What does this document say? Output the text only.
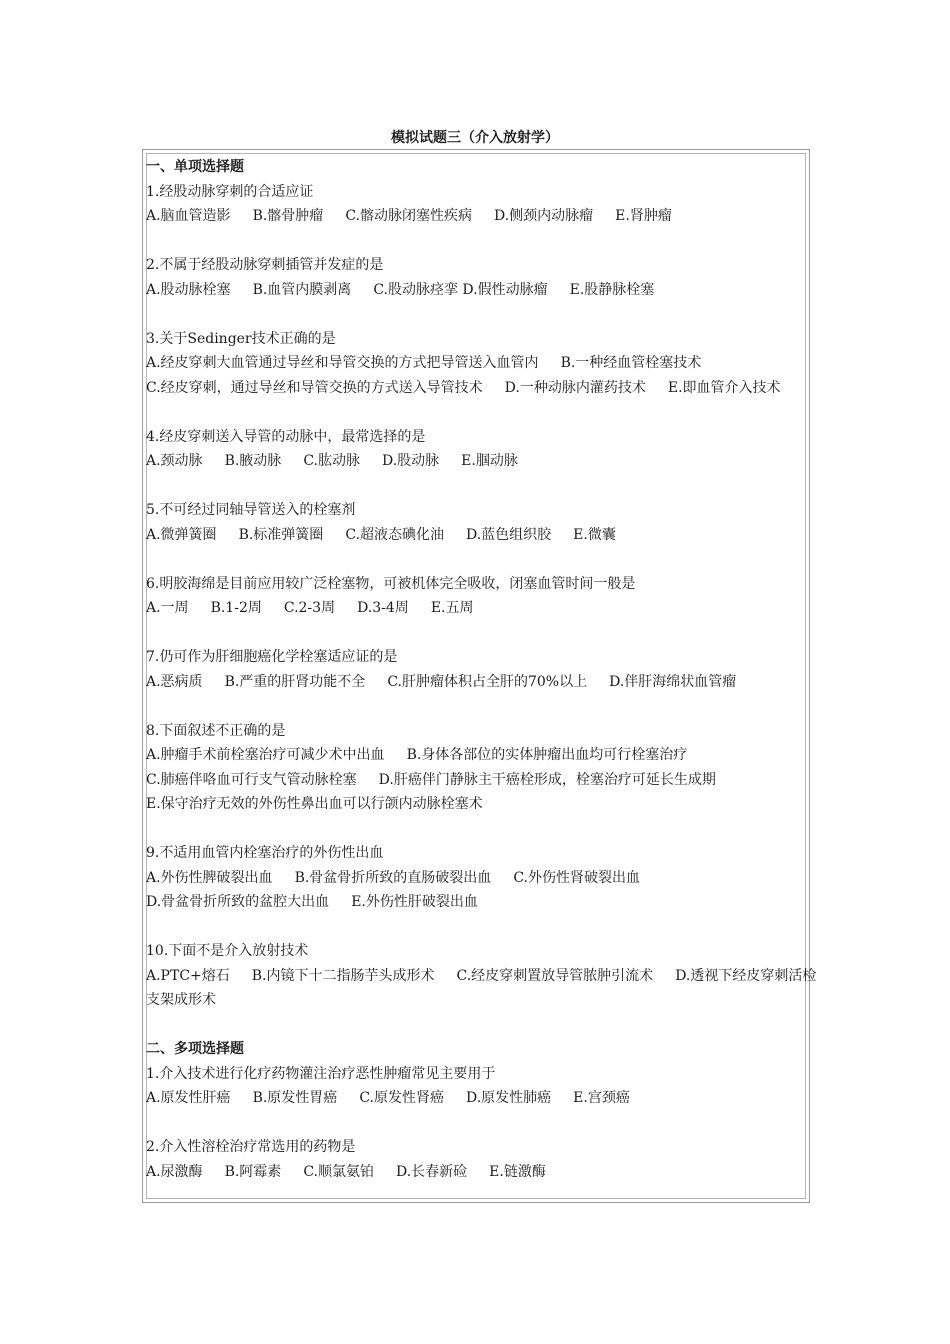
模拟试题三（介入放射学）
一、单项选择题
1.经股动脉穿刺的合适应证
A.脑血管造影 B.髂骨肿瘤 C.髂动脉闭塞性疾病 D.侧颈内动脉瘤 E.肾肿瘤
2.不属于经股动脉穿刺插管并发症的是
A.股动脉栓塞 B.血管内膜剥离 C.股动脉痉挛 D.假性动脉瘤 E.股静脉栓塞
3.关于Sedinger技术正确的是
A.经皮穿刺大血管通过导丝和导管交换的方式把导管送入血管内 B.一种经血管栓塞技术
C.经皮穿刺，通过导丝和导管交换的方式送入导管技术 D.一种动脉内灌药技术 E.即血管介入技术
4.经皮穿刺送入导管的动脉中，最常选择的是
A.颈动脉 B.腋动脉 C.肱动脉 D.股动脉 E.腘动脉
5.不可经过同轴导管送入的栓塞剂
A.微弹簧圈 B.标准弹簧圈 C.超液态碘化油 D.蓝色组织胶 E.微囊
6.明胶海绵是目前应用较广泛栓塞物，可被机体完全吸收，闭塞血管时间一般是
A.一周 B.1-2周 C.2-3周 D.3-4周 E.五周
7.仍可作为肝细胞癌化学栓塞适应证的是
A.恶病质 B.严重的肝肾功能不全 C.肝肿瘤体积占全肝的70%以上 D.伴肝海绵状血管瘤
8.下面叙述不正确的是
A.肿瘤手术前栓塞治疗可减少术中出血 B.身体各部位的实体肿瘤出血均可行栓塞治疗
C.肺癌伴咯血可行支气管动脉栓塞 D.肝癌伴门静脉主干癌栓形成，栓塞治疗可延长生成期
E.保守治疗无效的外伤性鼻出血可以行颌内动脉栓塞术
9.不适用血管内栓塞治疗的外伤性出血
A.外伤性脾破裂出血 B.骨盆骨折所致的直肠破裂出血 C.外伤性肾破裂出血
D.骨盆骨折所致的盆腔大出血 E.外伤性肝破裂出血
10.下面不是介入放射技术
A.PTC+熔石 B.内镜下十二指肠芋头成形术 C.经皮穿刺置放导管脓肿引流术 D.透视下经皮穿刺活检
支架成形术
二、多项选择题
1.介入技术进行化疗药物灌注治疗恶性肿瘤常见主要用于
A.原发性肝癌 B.原发性胃癌 C.原发性肾癌 D.原发性肺癌 E.宫颈癌
2.介入性溶栓治疗常选用的药物是
A.尿激酶 B.阿霉素 C.顺氯氨铂 D.长春新硷 E.链激酶
